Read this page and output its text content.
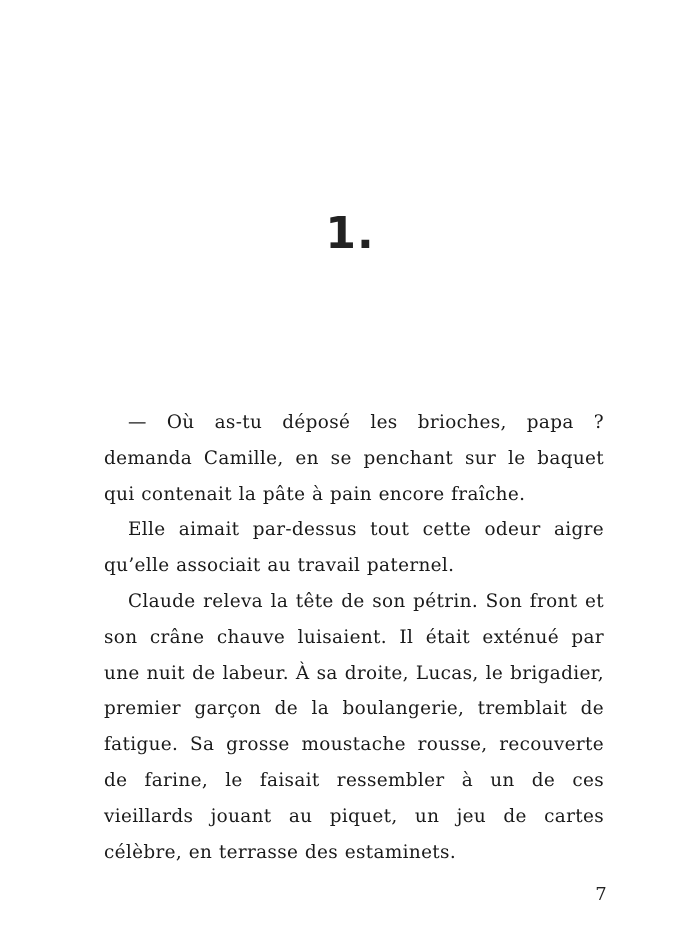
1.

— Où as-tu déposé les brioches, papa ? demanda Camille, en se penchant sur le baquet qui contenait la pâte à pain encore fraîche.

Elle aimait par-dessus tout cette odeur aigre qu’elle associait au travail paternel.

Claude releva la tête de son pétrin. Son front et son crâne chauve luisaient. Il était exténué par une nuit de labeur. À sa droite, Lucas, le brigadier, premier garçon de la boulangerie, tremblait de fatigue. Sa grosse moustache rousse, recouverte de farine, le faisait ressembler à un de ces vieillards jouant au piquet, un jeu de cartes célèbre, en terrasse des estaminets.

7
